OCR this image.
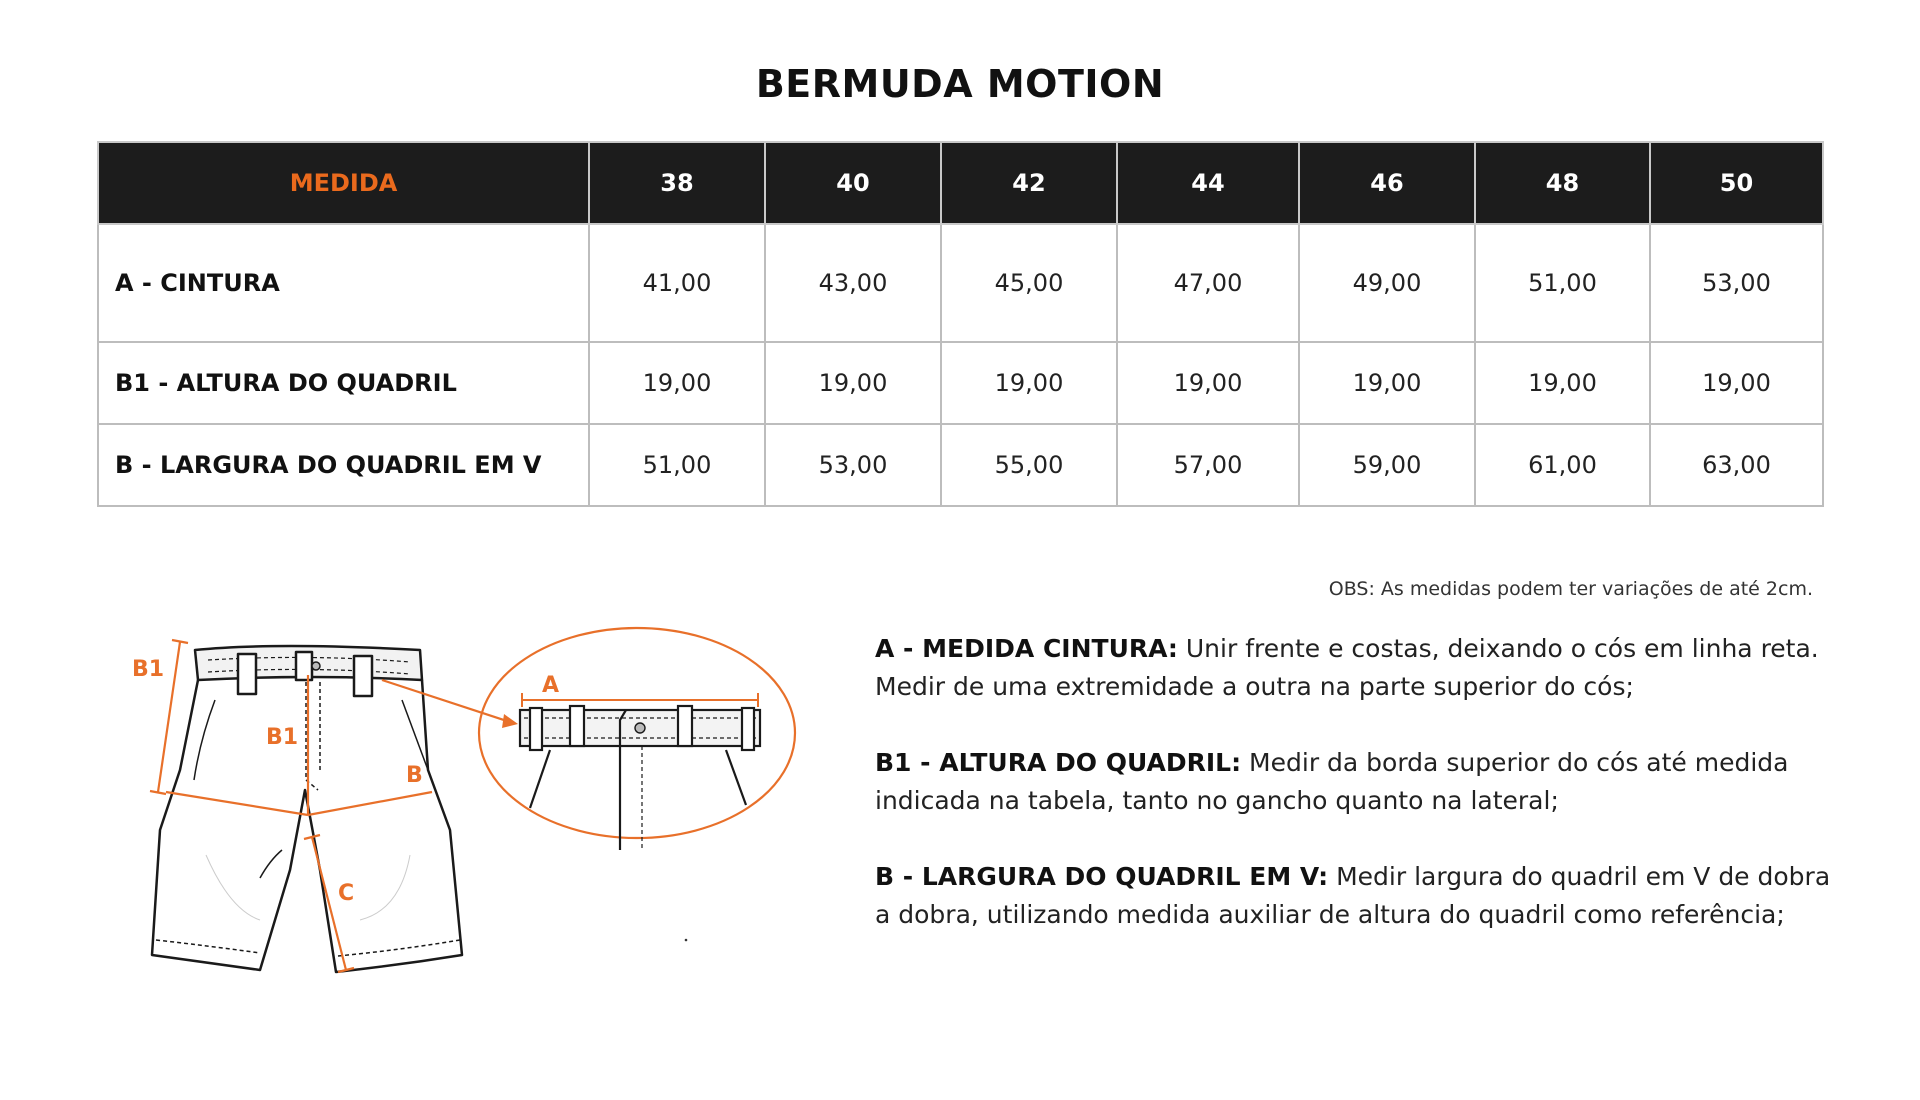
BERMUDA MOTION
MEDIDA	38	40	42	44	46	48	50
A - CINTURA	41,00	43,00	45,00	47,00	49,00	51,00	53,00
B1 - ALTURA DO QUADRIL	19,00	19,00	19,00	19,00	19,00	19,00	19,00
B - LARGURA DO QUADRIL EM V	51,00	53,00	55,00	57,00	59,00	61,00	63,00
OBS: As medidas podem ter variações de até 2cm.
B1
B1
B
C
A

A - MEDIDA CINTURA: Unir frente e costas, deixando o cós em linha reta. Medir de uma extremidade a outra na parte superior do cós;

B1 - ALTURA DO QUADRIL: Medir da borda superior do cós até medida indicada na tabela, tanto no gancho quanto na lateral;

B - LARGURA DO QUADRIL EM V: Medir largura do quadril em V de dobra a dobra, utilizando medida auxiliar de altura do quadril como referência;
